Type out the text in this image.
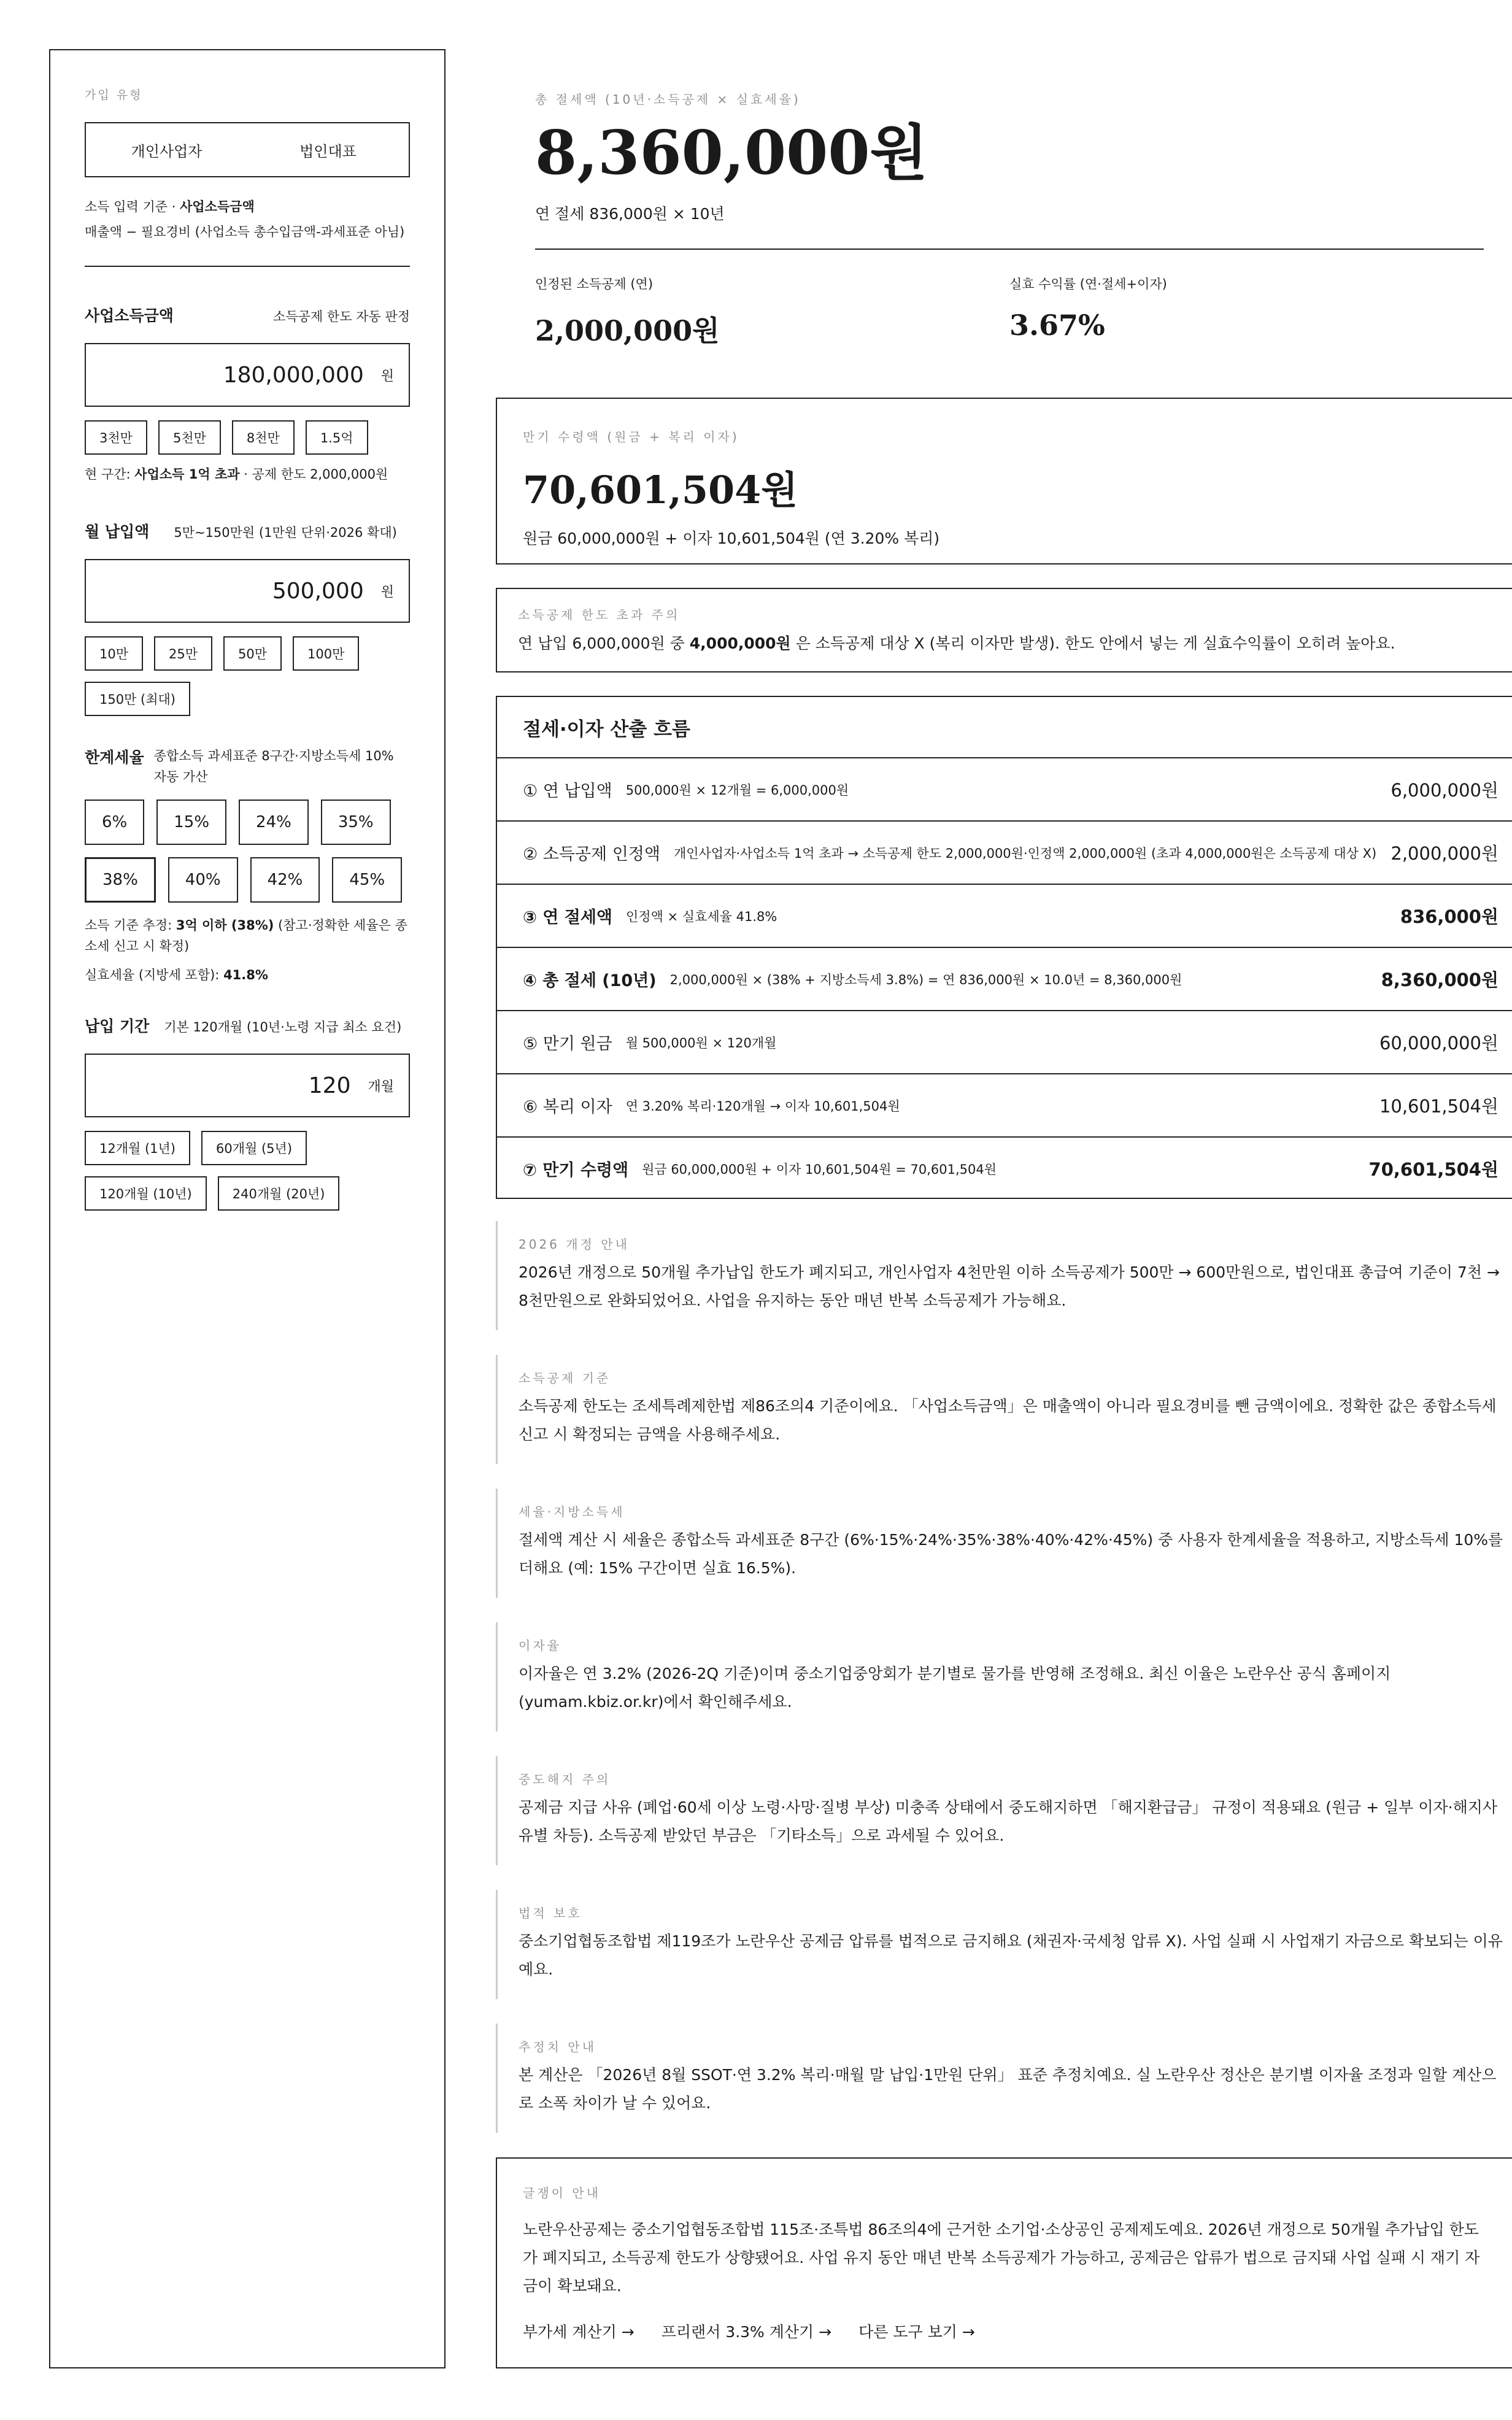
가입 유형
개인사업자	법인대표
소득 입력 기준 · 사업소득금액
매출액 − 필요경비 (사업소득 총수입금액-과세표준 아님)
사업소득금액	소득공제 한도 자동 판정
180,000,000 원
3천만	5천만	8천만	1.5억
현 구간: 사업소득 1억 초과 · 공제 한도 2,000,000원
월 납입액 5만~150만원 (1만원 단위·2026 확대)
500,000 원
10만	25만	50만	100만
150만 (최대)
한계세율 종합소득 과세표준 8구간·지방소득세 10% 자동 가산
6%	15%	24%	35%
38%	40%	42%	45%
소득 기준 추정: 3억 이하 (38%) (참고·정확한 세율은 종소세 신고 시 확정)
실효세율 (지방세 포함): 41.8%
납입 기간 기본 120개월 (10년·노령 지급 최소 요건)
120 개월
12개월 (1년)	60개월 (5년)
120개월 (10년)	240개월 (20년)
총 절세액 (10년·소득공제 × 실효세율)
8,360,000원
연 절세 836,000원 × 10년
인정된 소득공제 (연)
2,000,000원
실효 수익률 (연·절세+이자)
3.67%
만기 수령액 (원금 + 복리 이자)
70,601,504원
원금 60,000,000원 + 이자 10,601,504원 (연 3.20% 복리)
소득공제 한도 초과 주의
연 납입 6,000,000원 중 4,000,000원 은 소득공제 대상 X (복리 이자만 발생). 한도 안에서 넣는 게 실효수익률이 오히려 높아요.
절세·이자 산출 흐름
① 연 납입액 500,000원 × 12개월 = 6,000,000원	6,000,000원
② 소득공제 인정액 개인사업자·사업소득 1억 초과 → 소득공제 한도 2,000,000원·인정액 2,000,000원 (초과 4,000,000원은 소득공제 대상 X) 2,000,000원
③ 연 절세액 인정액 × 실효세율 41.8%	836,000원
④ 총 절세 (10년) 2,000,000원 × (38% + 지방소득세 3.8%) = 연 836,000원 × 10.0년 = 8,360,000원	8,360,000원
⑤ 만기 원금 월 500,000원 × 120개월	60,000,000원
⑥ 복리 이자 연 3.20% 복리·120개월 → 이자 10,601,504원	10,601,504원
⑦ 만기 수령액 원금 60,000,000원 + 이자 10,601,504원 = 70,601,504원	70,601,504원
2026 개정 안내
2026년 개정으로 50개월 추가납입 한도가 폐지되고, 개인사업자 4천만원 이하 소득공제가 500만 → 600만원으로, 법인대표 총급여 기준이 7천 → 8천만원으로 완화되었어요. 사업을 유지하는 동안 매년 반복 소득공제가 가능해요.
소득공제 기준
소득공제 한도는 조세특례제한법 제86조의4 기준이에요. 「사업소득금액」은 매출액이 아니라 필요경비를 뺀 금액이에요. 정확한 값은 종합소득세 신고 시 확정되는 금액을 사용해주세요.
세율·지방소득세
절세액 계산 시 세율은 종합소득 과세표준 8구간 (6%·15%·24%·35%·38%·40%·42%·45%) 중 사용자 한계세율을 적용하고, 지방소득세 10%를 더해요 (예: 15% 구간이면 실효 16.5%).
이자율
이자율은 연 3.2% (2026-2Q 기준)이며 중소기업중앙회가 분기별로 물가를 반영해 조정해요. 최신 이율은 노란우산 공식 홈페이지 (yumam.kbiz.or.kr)에서 확인해주세요.
중도해지 주의
공제금 지급 사유 (폐업·60세 이상 노령·사망·질병 부상) 미충족 상태에서 중도해지하면 「해지환급금」 규정이 적용돼요 (원금 + 일부 이자·해지사유별 차등). 소득공제 받았던 부금은 「기타소득」으로 과세될 수 있어요.
법적 보호
중소기업협동조합법 제119조가 노란우산 공제금 압류를 법적으로 금지해요 (채권자·국세청 압류 X). 사업 실패 시 사업재기 자금으로 확보되는 이유예요.
추정치 안내
본 계산은 「2026년 8월 SSOT·연 3.2% 복리·매월 말 납입·1만원 단위」 표준 추정치예요. 실 노란우산 정산은 분기별 이자율 조정과 일할 계산으로 소폭 차이가 날 수 있어요.
글쟁이 안내
노란우산공제는 중소기업협동조합법 115조·조특법 86조의4에 근거한 소기업·소상공인 공제제도예요. 2026년 개정으로 50개월 추가납입 한도가 폐지되고, 소득공제 한도가 상향됐어요. 사업 유지 동안 매년 반복 소득공제가 가능하고, 공제금은 압류가 법으로 금지돼 사업 실패 시 재기 자금이 확보돼요.
부가세 계산기 → 프리랜서 3.3% 계산기 → 다른 도구 보기 →
